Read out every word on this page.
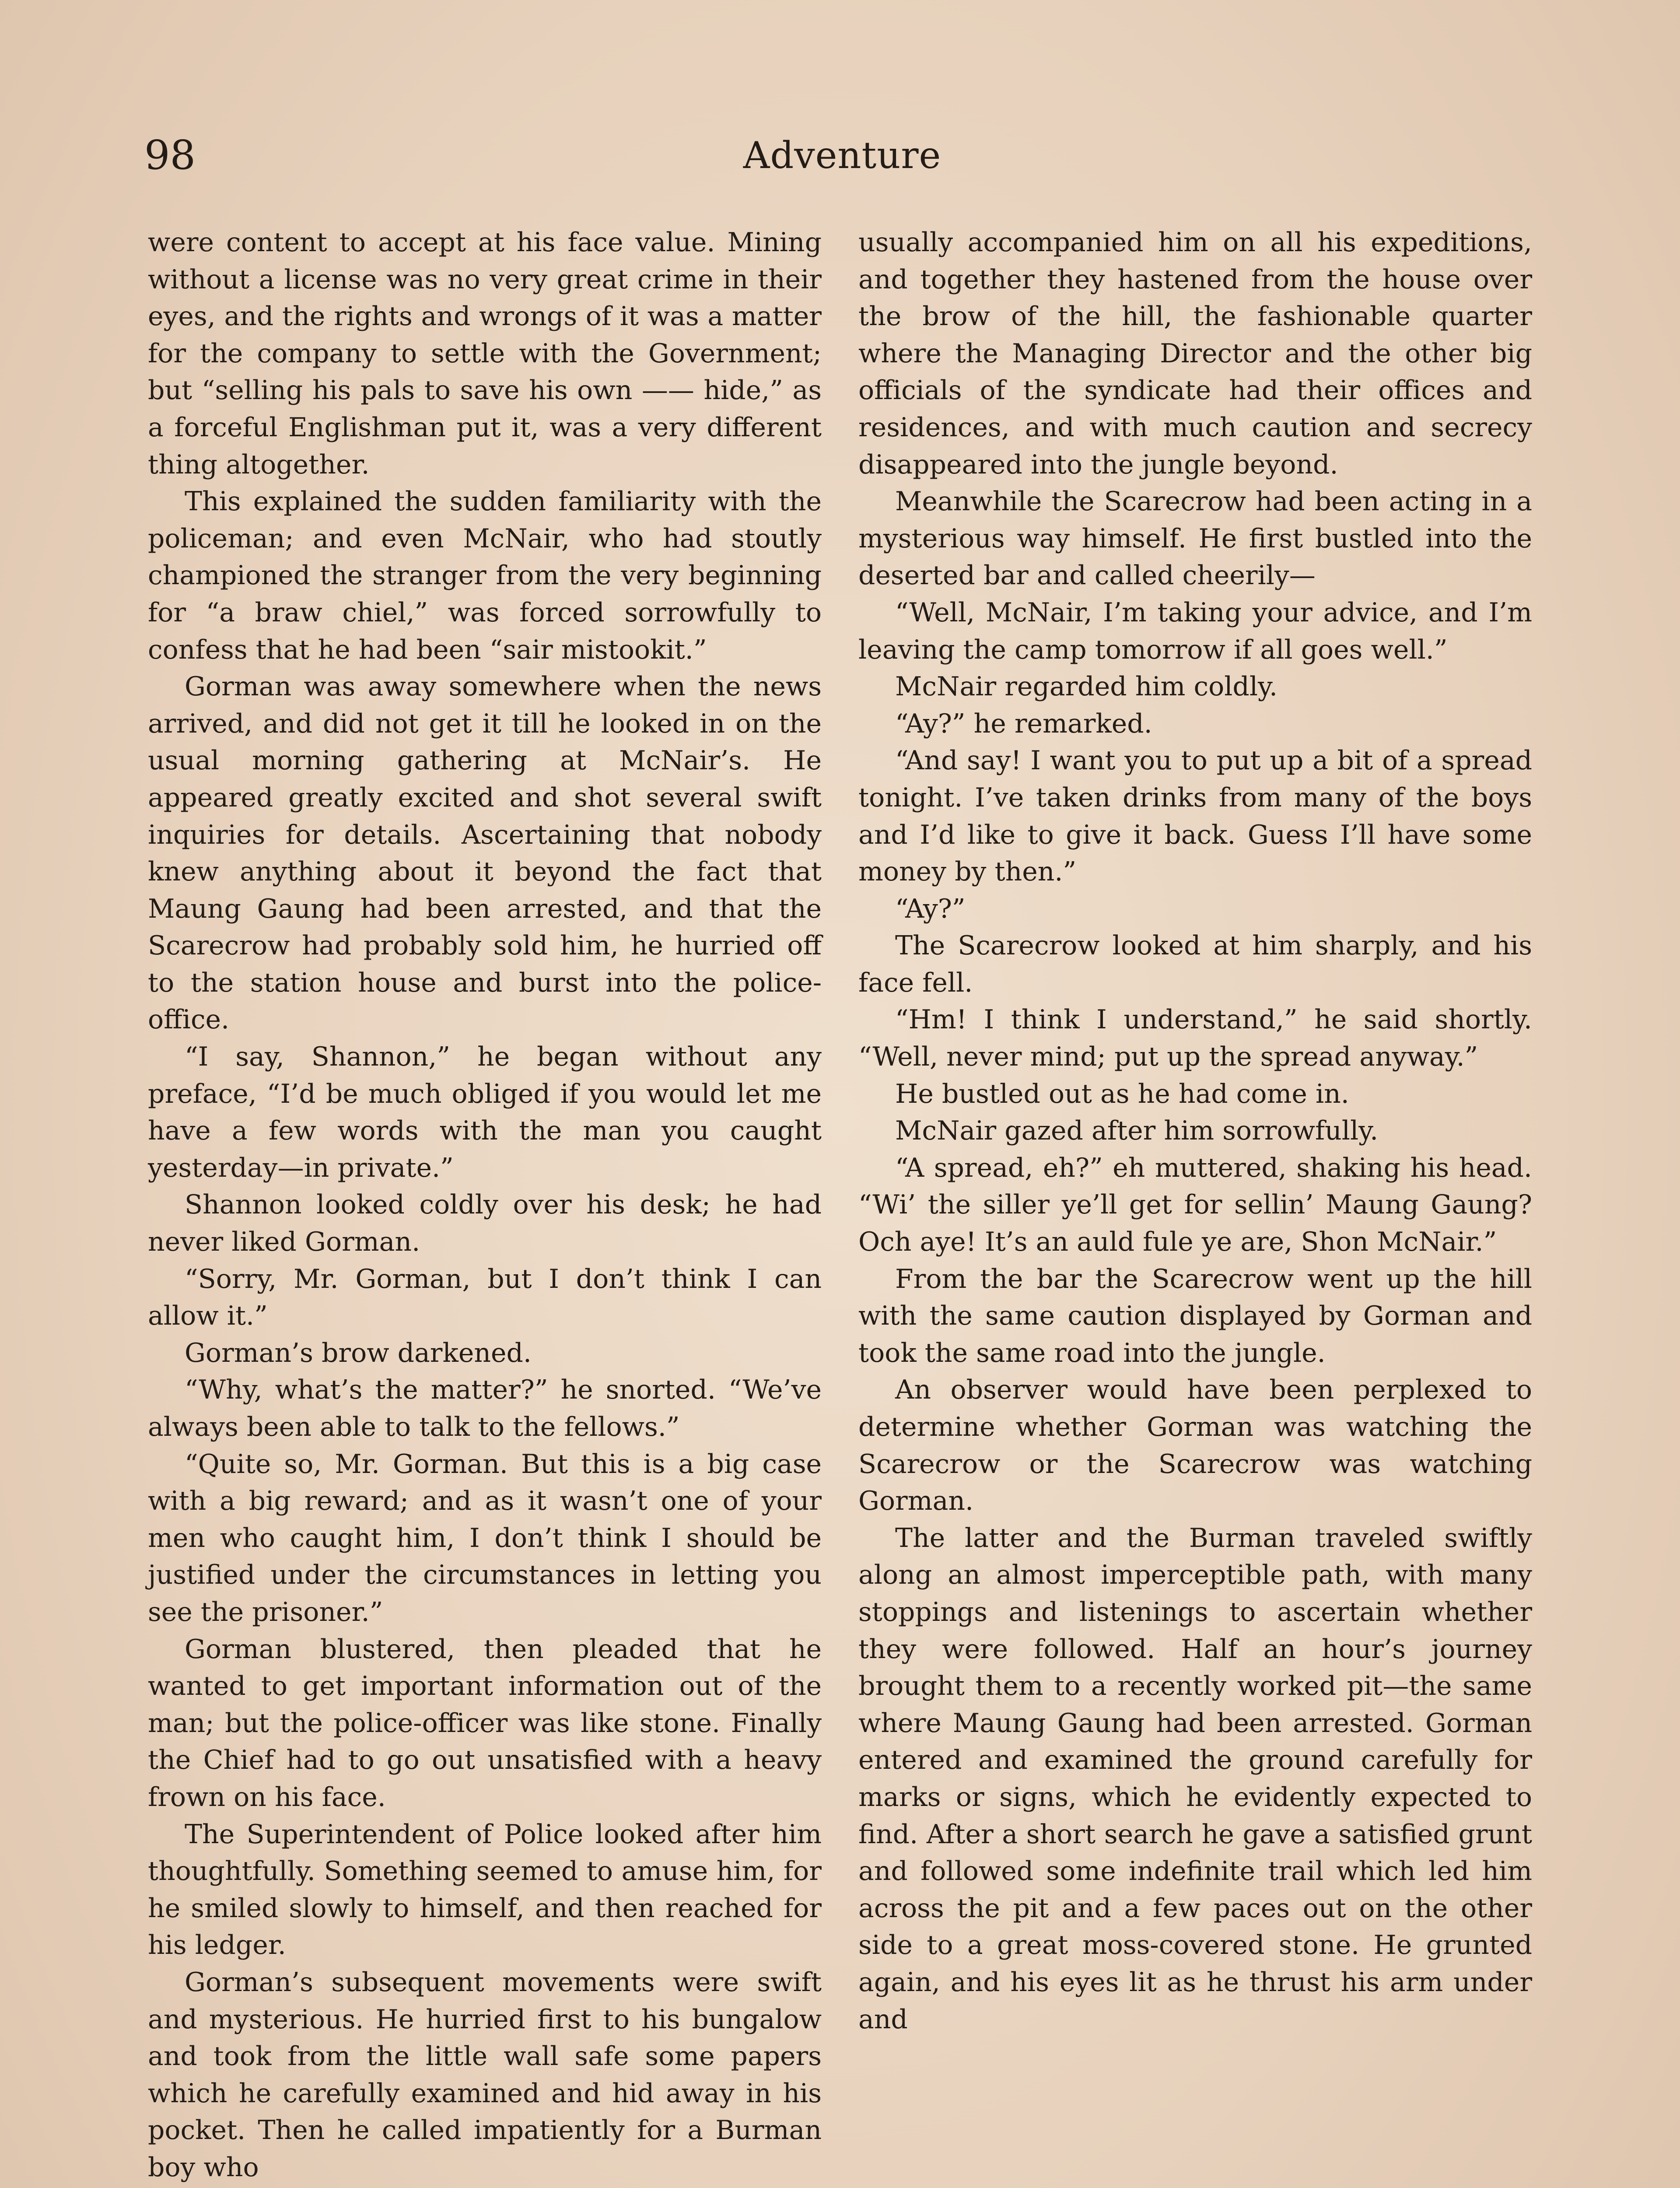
98	Adventure

were content to accept at his face value. Mining without a license was no very great crime in their eyes, and the rights and wrongs of it was a matter for the company to settle with the Government; but “selling his pals to save his own —— hide,” as a forceful Englishman put it, was a very different thing altogether.

This explained the sudden familiarity with the policeman; and even McNair, who had stoutly championed the stranger from the very beginning for “a braw chiel,” was forced sorrowfully to confess that he had been “sair mistookit.”

Gorman was away somewhere when the news arrived, and did not get it till he looked in on the usual morning gathering at McNair’s. He appeared greatly excited and shot several swift inquiries for details. Ascertaining that nobody knew anything about it beyond the fact that Maung Gaung had been arrested, and that the Scarecrow had probably sold him, he hurried off to the station house and burst into the police-office.

“I say, Shannon,” he began without any preface, “I’d be much obliged if you would let me have a few words with the man you caught yesterday—in private.”

Shannon looked coldly over his desk; he had never liked Gorman.

“Sorry, Mr. Gorman, but I don’t think I can allow it.”

Gorman’s brow darkened.

“Why, what’s the matter?” he snorted. “We’ve always been able to talk to the fellows.”

“Quite so, Mr. Gorman. But this is a big case with a big reward; and as it wasn’t one of your men who caught him, I don’t think I should be justified under the circumstances in letting you see the prisoner.”

Gorman blustered, then pleaded that he wanted to get important information out of the man; but the police-officer was like stone. Finally the Chief had to go out unsatisfied with a heavy frown on his face.

The Superintendent of Police looked after him thoughtfully. Something seemed to amuse him, for he smiled slowly to himself, and then reached for his ledger.

Gorman’s subsequent movements were swift and mysterious. He hurried first to his bungalow and took from the little wall safe some papers which he carefully examined and hid away in his pocket. Then he called impatiently for a Burman boy who

usually accompanied him on all his expeditions, and together they hastened from the house over the brow of the hill, the fashionable quarter where the Managing Director and the other big officials of the syndicate had their offices and residences, and with much caution and secrecy disappeared into the jungle beyond.

Meanwhile the Scarecrow had been acting in a mysterious way himself. He first bustled into the deserted bar and called cheerily—

“Well, McNair, I’m taking your advice, and I’m leaving the camp tomorrow if all goes well.”

McNair regarded him coldly.

“Ay?” he remarked.

“And say! I want you to put up a bit of a spread tonight. I’ve taken drinks from many of the boys and I’d like to give it back. Guess I’ll have some money by then.”

“Ay?”

The Scarecrow looked at him sharply, and his face fell.

“Hm! I think I understand,” he said shortly. “Well, never mind; put up the spread anyway.”

He bustled out as he had come in.

McNair gazed after him sorrowfully.

“A spread, eh?” eh muttered, shaking his head. “Wi’ the siller ye’ll get for sellin’ Maung Gaung? Och aye! It’s an auld fule ye are, Shon McNair.”

From the bar the Scarecrow went up the hill with the same caution displayed by Gorman and took the same road into the jungle.

An observer would have been perplexed to determine whether Gorman was watching the Scarecrow or the Scarecrow was watching Gorman.

The latter and the Burman traveled swiftly along an almost imperceptible path, with many stoppings and listenings to ascertain whether they were followed. Half an hour’s journey brought them to a recently worked pit—the same where Maung Gaung had been arrested. Gorman entered and examined the ground carefully for marks or signs, which he evidently expected to find. After a short search he gave a satisfied grunt and followed some indefinite trail which led him across the pit and a few paces out on the other side to a great moss-covered stone. He grunted again, and his eyes lit as he thrust his arm under and
